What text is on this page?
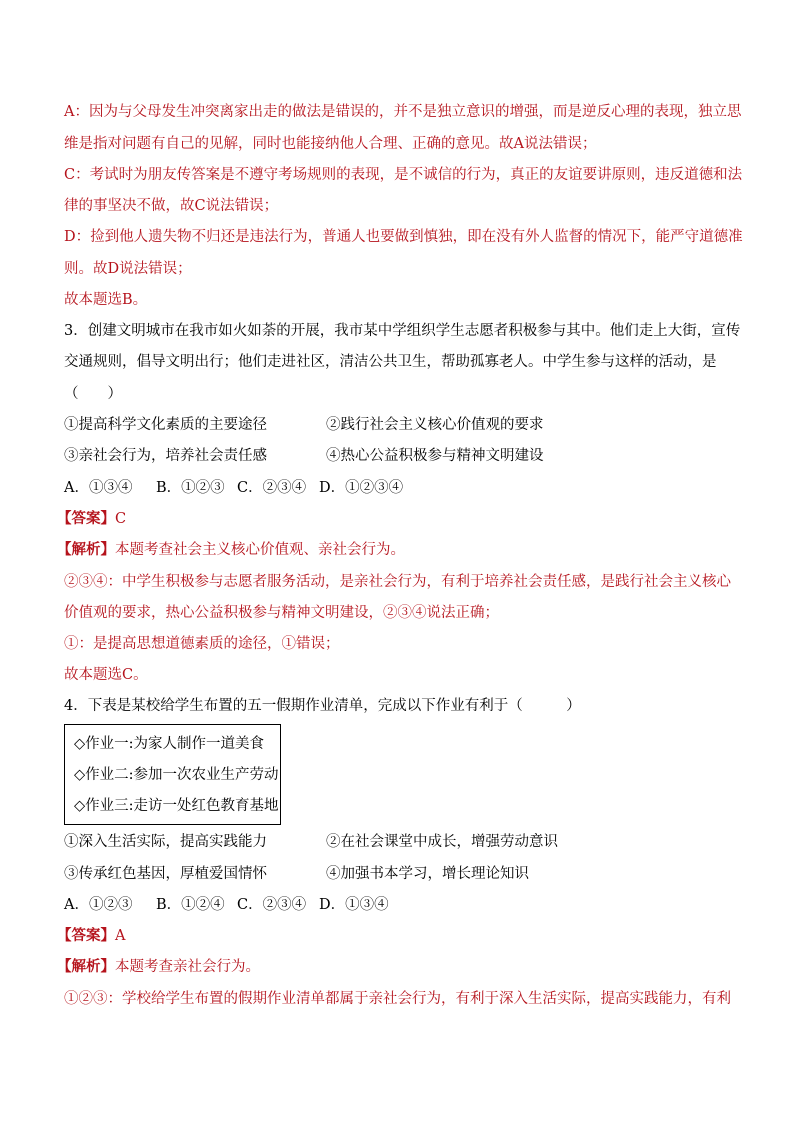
A：因为与父母发生冲突离家出走的做法是错误的，并不是独立意识的增强，而是逆反心理的表现，独立思
维是指对问题有自己的见解，同时也能接纳他人合理、正确的意见。故A说法错误；
C：考试时为朋友传答案是不遵守考场规则的表现，是不诚信的行为，真正的友谊要讲原则，违反道德和法
律的事坚决不做，故C说法错误；
D：捡到他人遗失物不归还是违法行为，普通人也要做到慎独，即在没有外人监督的情况下，能严守道德准
则。故D说法错误；
故本题选B。
3．创建文明城市在我市如火如荼的开展，我市某中学组织学生志愿者积极参与其中。他们走上大街，宣传
交通规则，倡导文明出行；他们走进社区，清洁公共卫生，帮助孤寡老人。中学生参与这样的活动，是
（　　）
①提高科学文化素质的主要途径	②践行社会主义核心价值观的要求
③亲社会行为，培养社会责任感	④热心公益积极参与精神文明建设
A．①③④ B．①②③ C．②③④ D．①②③④
【答案】C
【解析】本题考查社会主义核心价值观、亲社会行为。
②③④：中学生积极参与志愿者服务活动，是亲社会行为，有利于培养社会责任感，是践行社会主义核心
价值观的要求，热心公益积极参与精神文明建设，②③④说法正确；
①：是提高思想道德素质的途径，①错误；
故本题选C。
4．下表是某校给学生布置的五一假期作业清单，完成以下作业有利于（　　　）
◇作业一:为家人制作一道美食
◇作业二:参加一次农业生产劳动
◇作业三:走访一处红色教育基地
①深入生活实际，提高实践能力	②在社会课堂中成长，增强劳动意识
③传承红色基因，厚植爱国情怀	④加强书本学习，增长理论知识
A．①②③ B．①②④ C．②③④ D．①③④
【答案】A
【解析】本题考查亲社会行为。
①②③：学校给学生布置的假期作业清单都属于亲社会行为，有利于深入生活实际，提高实践能力，有利
